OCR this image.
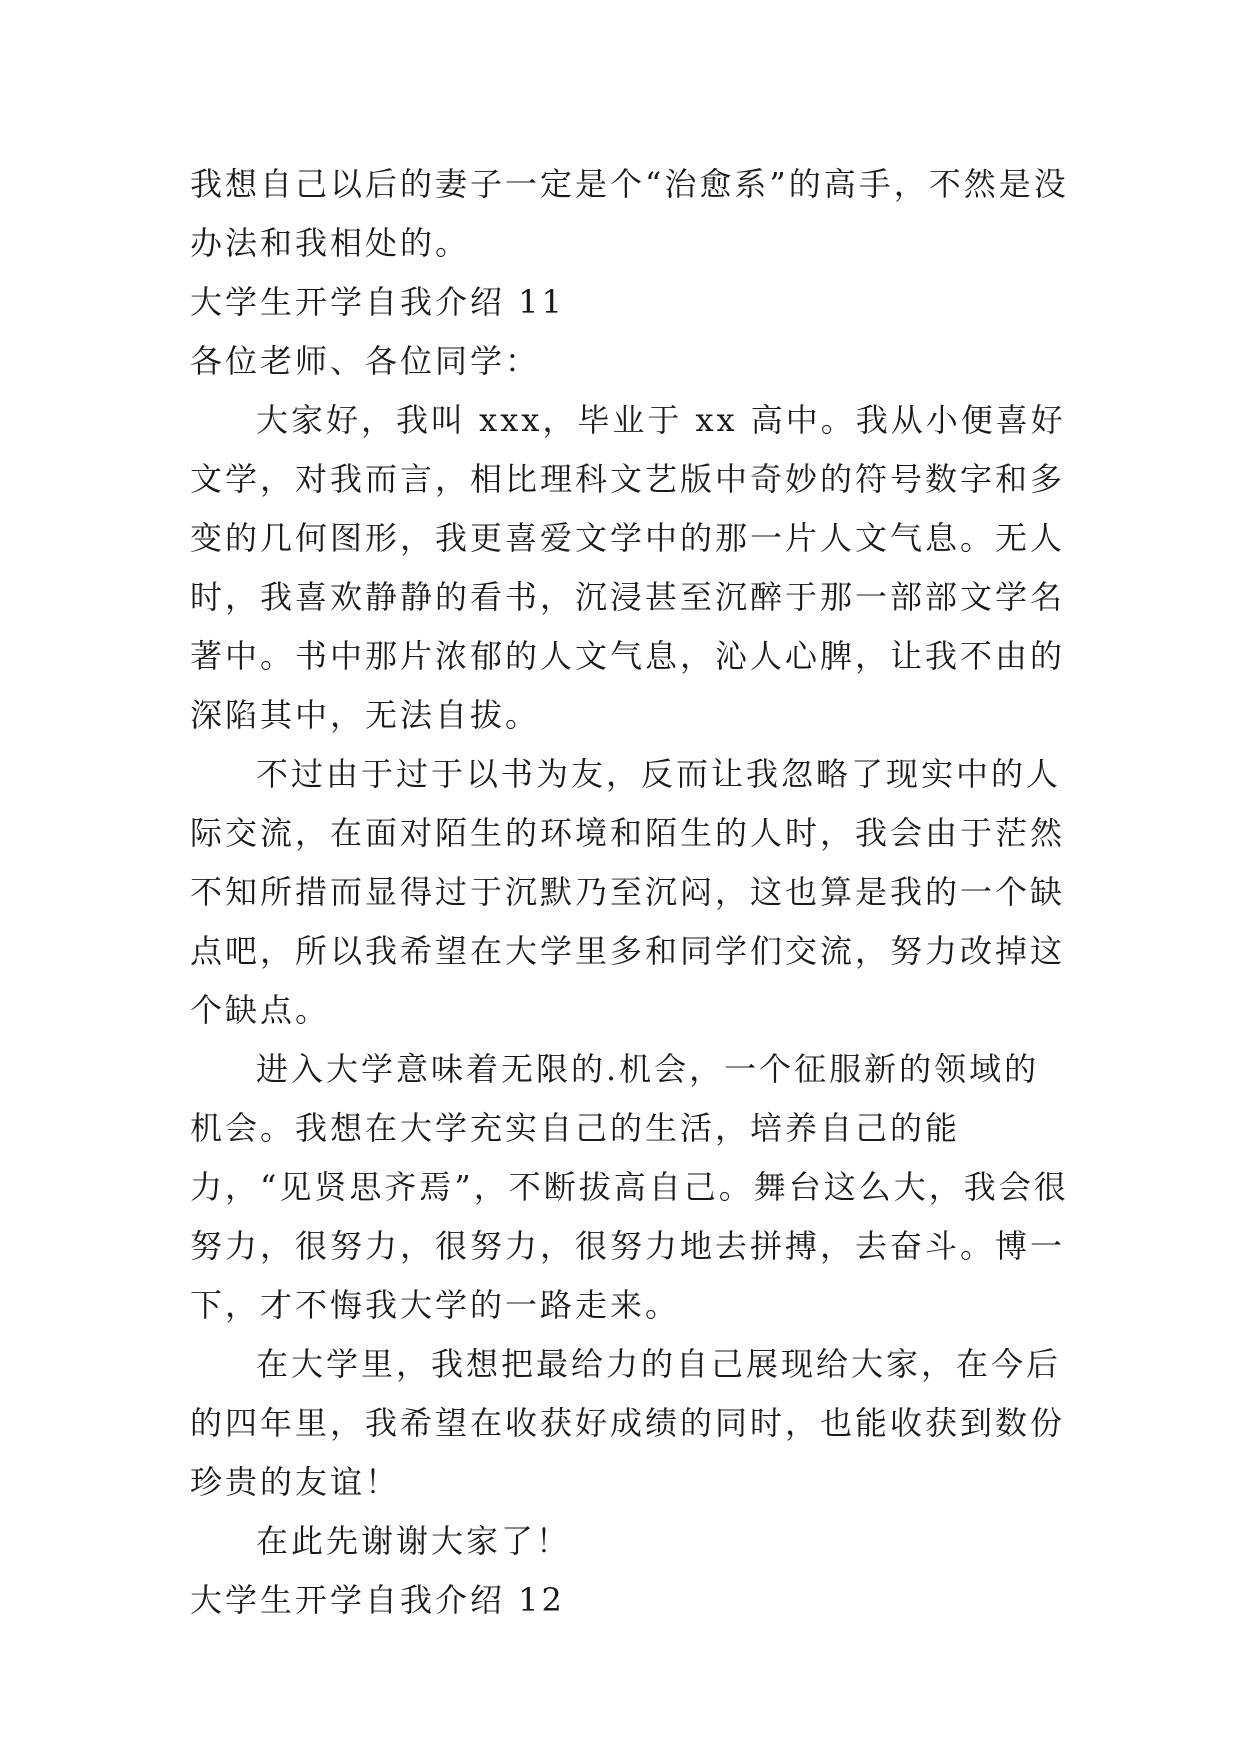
我想自己以后的妻子一定是个“治愈系”的高手，不然是没办法和我相处的。

大学生开学自我介绍 11

各位老师、各位同学：

大家好，我叫 xxx，毕业于 xx 高中。我从小便喜好文学，对我而言，相比理科文艺版中奇妙的符号数字和多变的几何图形，我更喜爱文学中的那一片人文气息。无人时，我喜欢静静的看书，沉浸甚至沉醉于那一部部文学名著中。书中那片浓郁的人文气息，沁人心脾，让我不由的深陷其中，无法自拔。

不过由于过于以书为友，反而让我忽略了现实中的人际交流，在面对陌生的环境和陌生的人时，我会由于茫然不知所措而显得过于沉默乃至沉闷，这也算是我的一个缺点吧，所以我希望在大学里多和同学们交流，努力改掉这个缺点。

进入大学意味着无限的.机会，一个征服新的领域的机会。我想在大学充实自己的生活，培养自己的能力，“见贤思齐焉”，不断拔高自己。舞台这么大，我会很努力，很努力，很努力，很努力地去拼搏，去奋斗。博一下，才不悔我大学的一路走来。

在大学里，我想把最给力的自己展现给大家，在今后的四年里，我希望在收获好成绩的同时，也能收获到数份珍贵的友谊！

在此先谢谢大家了！

大学生开学自我介绍 12
